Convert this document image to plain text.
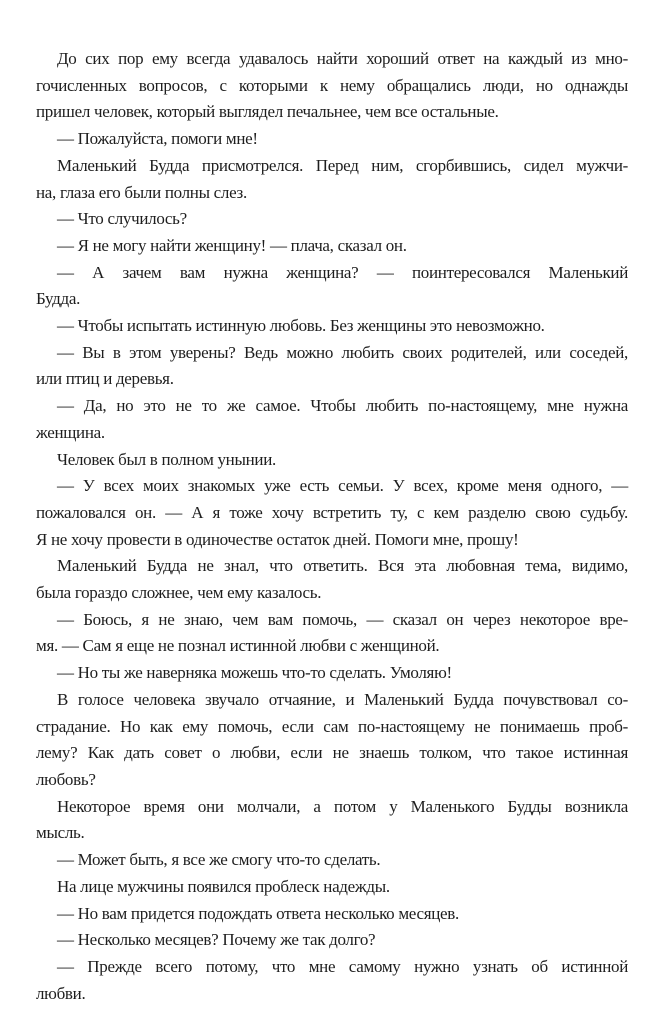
До сих пор ему всегда удавалось найти хороший ответ на каждый из мно-
гочисленных вопросов, с которыми к нему обращались люди, но однажды
пришел человек, который выглядел печальнее, чем все остальные.

— Пожалуйста, помоги мне!

Маленький Будда присмотрелся. Перед ним, сгорбившись, сидел мужчи-
на, глаза его были полны слез.

— Что случилось?

— Я не могу найти женщину! — плача, сказал он.

— А зачем вам нужна женщина? — поинтересовался Маленький
Будда.

— Чтобы испытать истинную любовь. Без женщины это невозможно.

— Вы в этом уверены? Ведь можно любить своих родителей, или соседей,
или птиц и деревья.

— Да, но это не то же самое. Чтобы любить по-настоящему, мне нужна
женщина.

Человек был в полном унынии.

— У всех моих знакомых уже есть семьи. У всех, кроме меня одного, —
пожаловался он. — А я тоже хочу встретить ту, с кем разделю свою судьбу.
Я не хочу провести в одиночестве остаток дней. Помоги мне, прошу!

Маленький Будда не знал, что ответить. Вся эта любовная тема, видимо,
была гораздо сложнее, чем ему казалось.

— Боюсь, я не знаю, чем вам помочь, — сказал он через некоторое вре-
мя. — Сам я еще не познал истинной любви с женщиной.

— Но ты же наверняка можешь что-то сделать. Умоляю!

В голосе человека звучало отчаяние, и Маленький Будда почувствовал со-
страдание. Но как ему помочь, если сам по-настоящему не понимаешь проб-
лему? Как дать совет о любви, если не знаешь толком, что такое истинная
любовь?

Некоторое время они молчали, а потом у Маленького Будды возникла
мысль.

— Может быть, я все же смогу что-то сделать.

На лице мужчины появился проблеск надежды.

— Но вам придется подождать ответа несколько месяцев.

— Несколько месяцев? Почему же так долго?

— Прежде всего потому, что мне самому нужно узнать об истинной
любви.
